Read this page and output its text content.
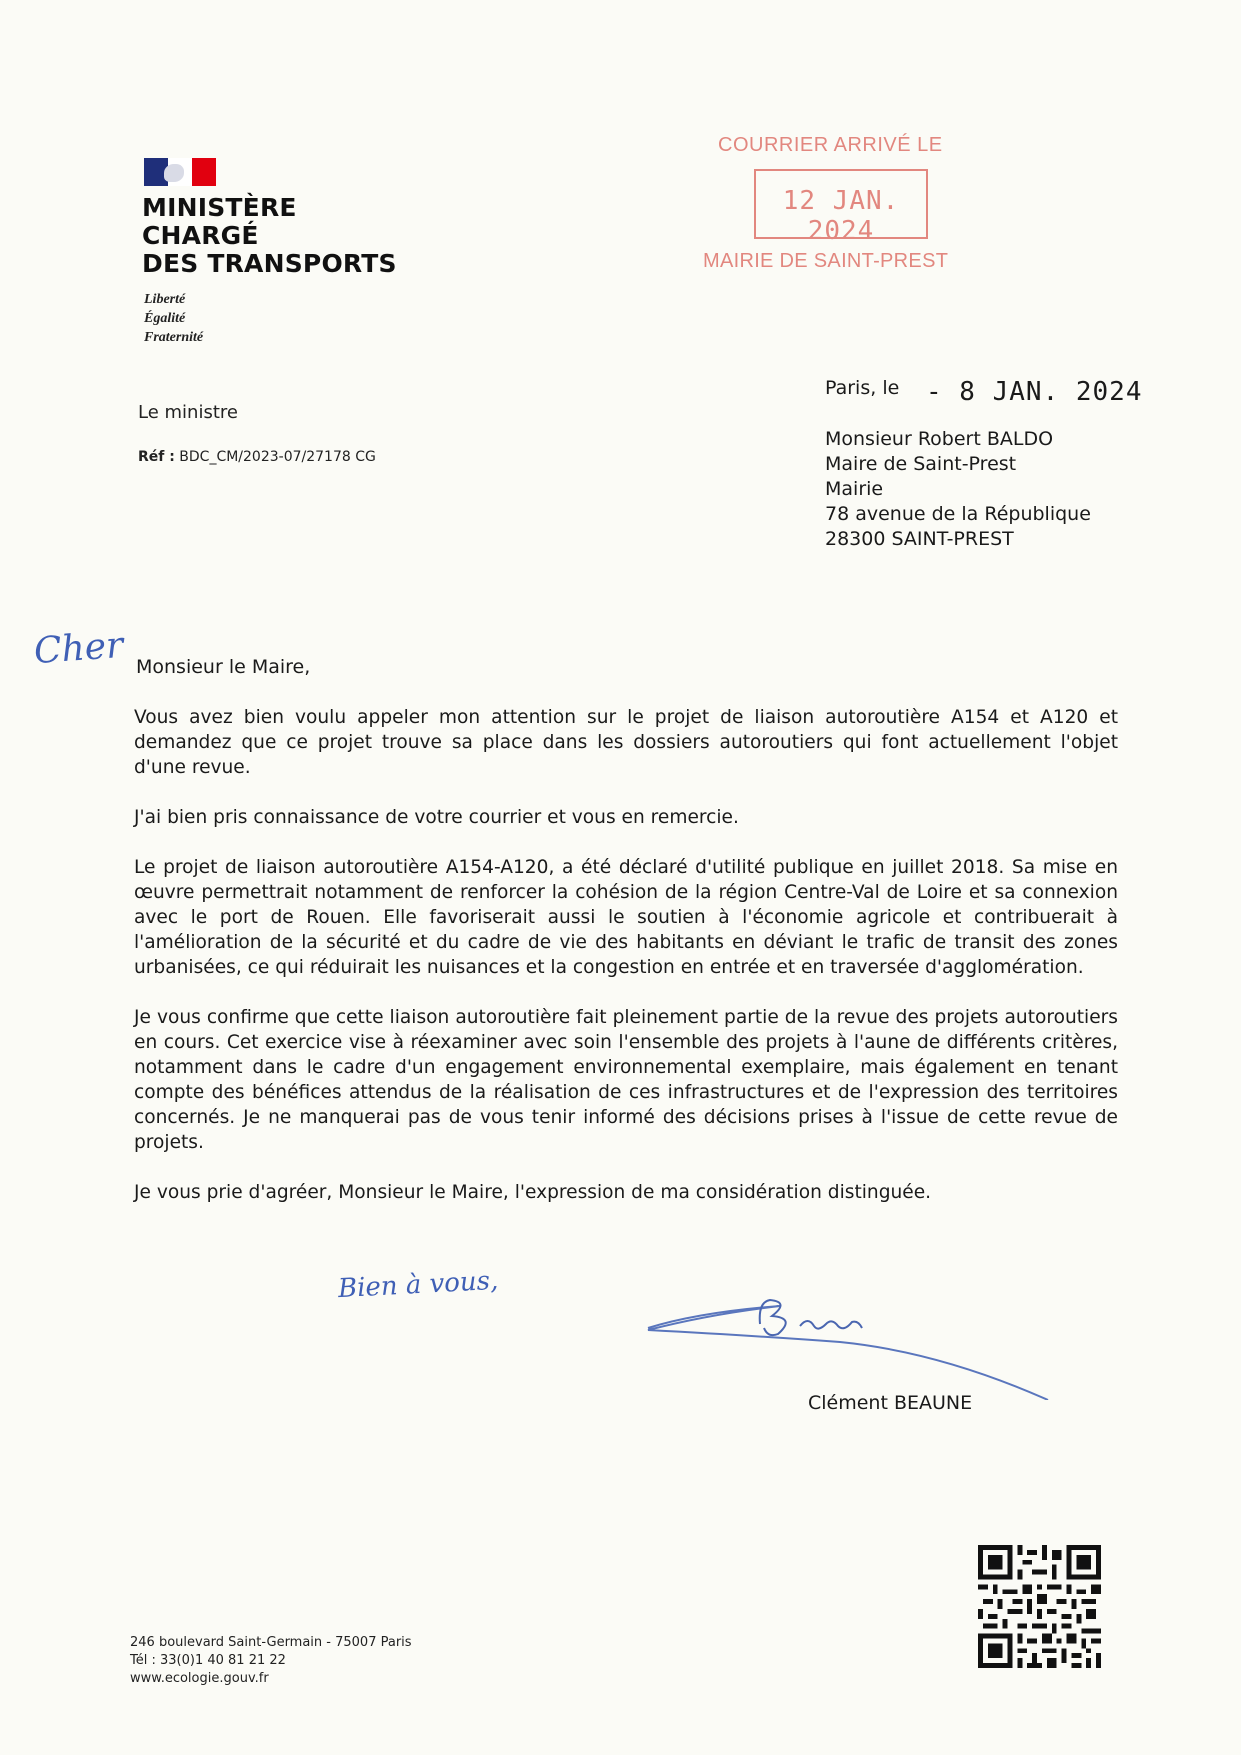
MINISTÈRE
CHARGÉ
DES TRANSPORTS
Liberté
Égalité
Fraternité
COURRIER ARRIVÉ LE
12 JAN. 2024
MAIRIE DE SAINT-PREST
Le ministre
Réf : BDC_CM/2023-07/27178 CG
Paris, le - 8 JAN. 2024
Monsieur Robert BALDO
Maire de Saint-Prest
Mairie
78 avenue de la République
28300 SAINT-PREST
Cher Monsieur le Maire,

Vous avez bien voulu appeler mon attention sur le projet de liaison autoroutière A154 et A120 et demandez que ce projet trouve sa place dans les dossiers autoroutiers qui font actuellement l'objet d'une revue.

J'ai bien pris connaissance de votre courrier et vous en remercie.

Le projet de liaison autoroutière A154-A120, a été déclaré d'utilité publique en juillet 2018. Sa mise en œuvre permettrait notamment de renforcer la cohésion de la région Centre-Val de Loire et sa connexion avec le port de Rouen. Elle favoriserait aussi le soutien à l'économie agricole et contribuerait à l'amélioration de la sécurité et du cadre de vie des habitants en déviant le trafic de transit des zones urbanisées, ce qui réduirait les nuisances et la congestion en entrée et en traversée d'agglomération.

Je vous confirme que cette liaison autoroutière fait pleinement partie de la revue des projets autoroutiers en cours. Cet exercice vise à réexaminer avec soin l'ensemble des projets à l'aune de différents critères, notamment dans le cadre d'un engagement environnemental exemplaire, mais également en tenant compte des bénéfices attendus de la réalisation de ces infrastructures et de l'expression des territoires concernés. Je ne manquerai pas de vous tenir informé des décisions prises à l'issue de cette revue de projets.

Je vous prie d'agréer, Monsieur le Maire, l'expression de ma considération distinguée.

Bien à vous,
Clément BEAUNE
246 boulevard Saint-Germain - 75007 Paris
Tél : 33(0)1 40 81 21 22
www.ecologie.gouv.fr
